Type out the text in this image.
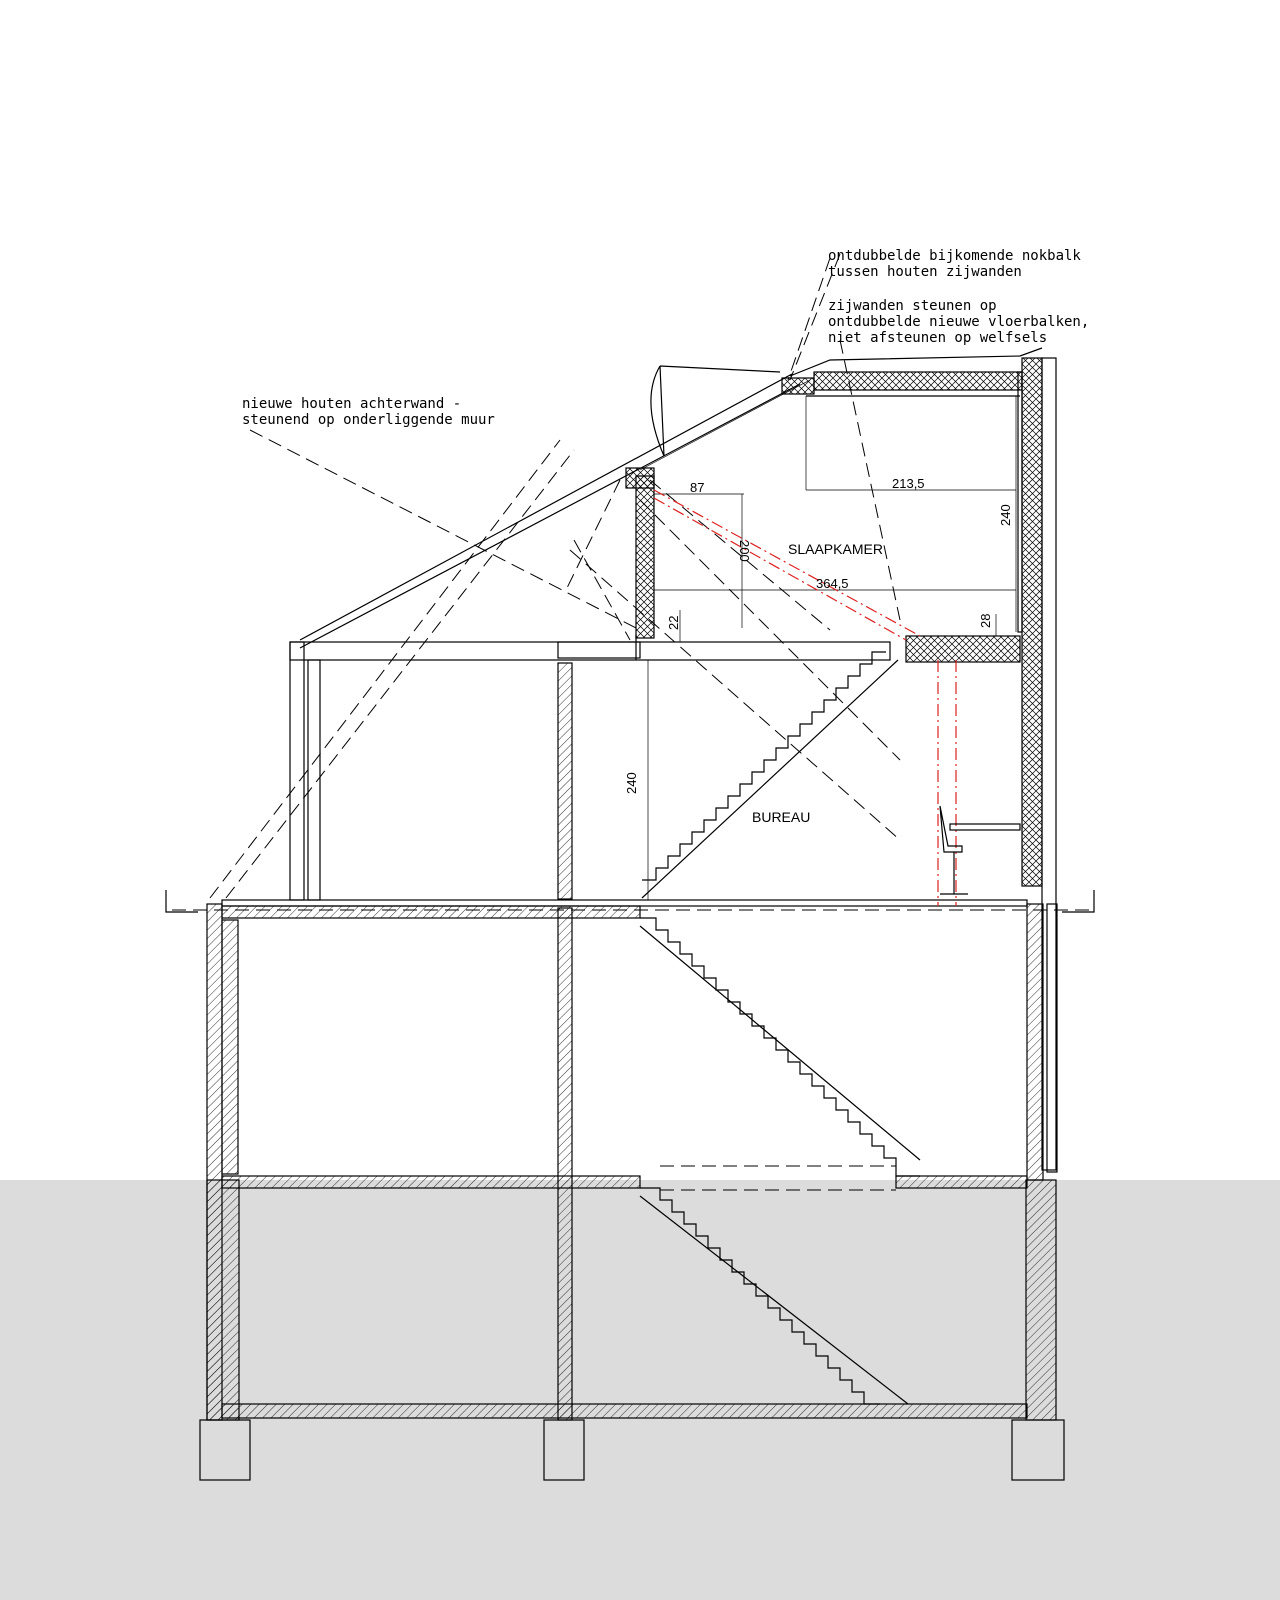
ontdubbelde bijkomende nokbalk
tussen houten zijwanden
zijwanden steunen op
ontdubbelde nieuwe vloerbalken,
niet afsteunen op welfsels
nieuwe houten achterwand -
steunend op onderliggende muur
SLAAPKAMER
BUREAU
87	213,5
240
200
364,5
22	28
240
